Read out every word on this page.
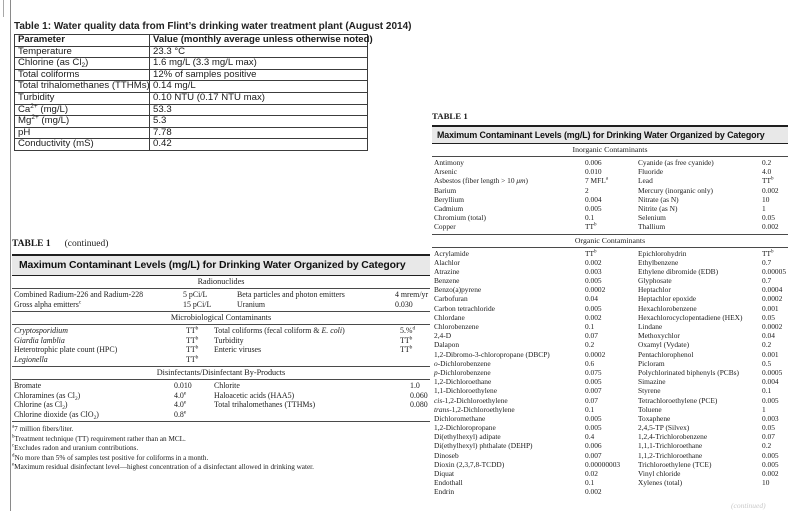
Table 1: Water quality data from Flint’s drinking water treatment plant (August 2014)
Parameter	Value (monthly average unless otherwise noted)
Temperature	23.3 °C
Chlorine (as $Cl_2$)	1.6 mg/L (3.3 mg/L max)
Total coliforms	12% of samples positive
Total trihalomethanes (TTHMs)	0.14 mg/L
Turbidity	0.10 NTU (0.17 NTU max)
$Ca^{2+}$ (mg/L)	53.3
$Mg^{2+}$ (mg/L)	5.3
pH	7.78
Conductivity (mS)	0.42
TABLE 1 (continued)
Maximum Contaminant Levels (mg/L) for Drinking Water Organized by Category
Radionuclides
Combined Radium-226 and Radium-228	5 pCi/L	Beta particles and photon emitters	4 mrem/yr
Gross alpha emitters$^c$	15 pCi/L	Uranium	0.030
Microbiological Contaminants
Cryptosporidium	$TT^b$	Total coliforms (fecal coliform & E. coli)	5.%$^d$
Giardia lamblia	$TT^b$	Turbidity	$TT^b$
Heterotrophic plate count (HPC)	$TT^b$	Enteric viruses	$TT^b$
Legionella	$TT^b$
Disinfectants/Disinfectant By-Products
Bromate	0.010	Chlorite	1.0
Chloramines (as $Cl_2$)	4.0e	Haloacetic acids (HAA5)	0.060
Chlorine (as $Cl_2$)	4.0e	Total trihalomethanes (TTHMs)	0.080
Chlorine dioxide (as ClO$_2$)	0.8e
$^a$7 million fibers/liter.
$^b$Treatment technique (TT) requirement rather than an MCL.
$^c$Excludes radon and uranium contributions.
$^d$No more than 5% of samples test positive for coliforms in a month.
$^e$Maximum residual disinfectant level—highest concentration of a disinfectant allowed in drinking water.
TABLE 1
Maximum Contaminant Levels (mg/L) for Drinking Water Organized by Category
Inorganic Contaminants
Antimony	0.006	Cyanide (as free cyanide)	0.2
Arsenic	0.010	Fluoride	4.0
Asbestos (fiber length > 10 μm)	7 MFL$^a$	Lead	$TT^b$
Barium	2	Mercury (inorganic only)	0.002
Beryllium	0.004	Nitrate (as N)	10
Cadmium	0.005	Nitrite (as N)	1
Chromium (total)	0.1	Selenium	0.05
Copper	$TT^b$	Thallium	0.002
Organic Contaminants
Acrylamide	$TT^b$	Epichlorohydrin	$TT^b$
Alachlor	0.002	Ethylbenzene	0.7
Atrazine	0.003	Ethylene dibromide (EDB)	0.00005
Benzene	0.005	Glyphosate	0.7
Benzo(a)pyrene	0.0002	Heptachlor	0.0004
Carbofuran	0.04	Heptachlor epoxide	0.0002
Carbon tetrachloride	0.005	Hexachlorobenzene	0.001
Chlordane	0.002	Hexachlorocyclopentadiene (HEX)	0.05
Chlorobenzene	0.1	Lindane	0.0002
2,4-D	0.07	Methoxychlor	0.04
Dalapon	0.2	Oxamyl (Vydate)	0.2
1,2-Dibromo-3-chloropropane (DBCP)	0.0002	Pentachlorophenol	0.001
o-Dichlorobenzene	0.6	Picloram	0.5
p-Dichlorobenzene	0.075	Polychlorinated biphenyls (PCBs)	0.0005
1,2-Dichloroethane	0.005	Simazine	0.004
1,1-Dichloroethylene	0.007	Styrene	0.1
cis-1,2-Dichloroethylene	0.07	Tetrachloroethylene (PCE)	0.005
trans-1,2-Dichloroethylene	0.1	Toluene	1
Dichloromethane	0.005	Toxaphene	0.003
1,2-Dichloropropane	0.005	2,4,5-TP (Silvex)	0.05
Di(ethylhexyl) adipate	0.4	1,2,4-Trichlorobenzene	0.07
Di(ethylhexyl) phthalate (DEHP)	0.006	1,1,1-Trichloroethane	0.2
Dinoseb	0.007	1,1,2-Trichloroethane	0.005
Dioxin (2,3,7,8-TCDD)	0.00000003	Trichloroethylene (TCE)	0.005
Diquat	0.02	Vinyl chloride	0.002
Endothall	0.1	Xylenes (total)	10
Endrin	0.002
(continued)
